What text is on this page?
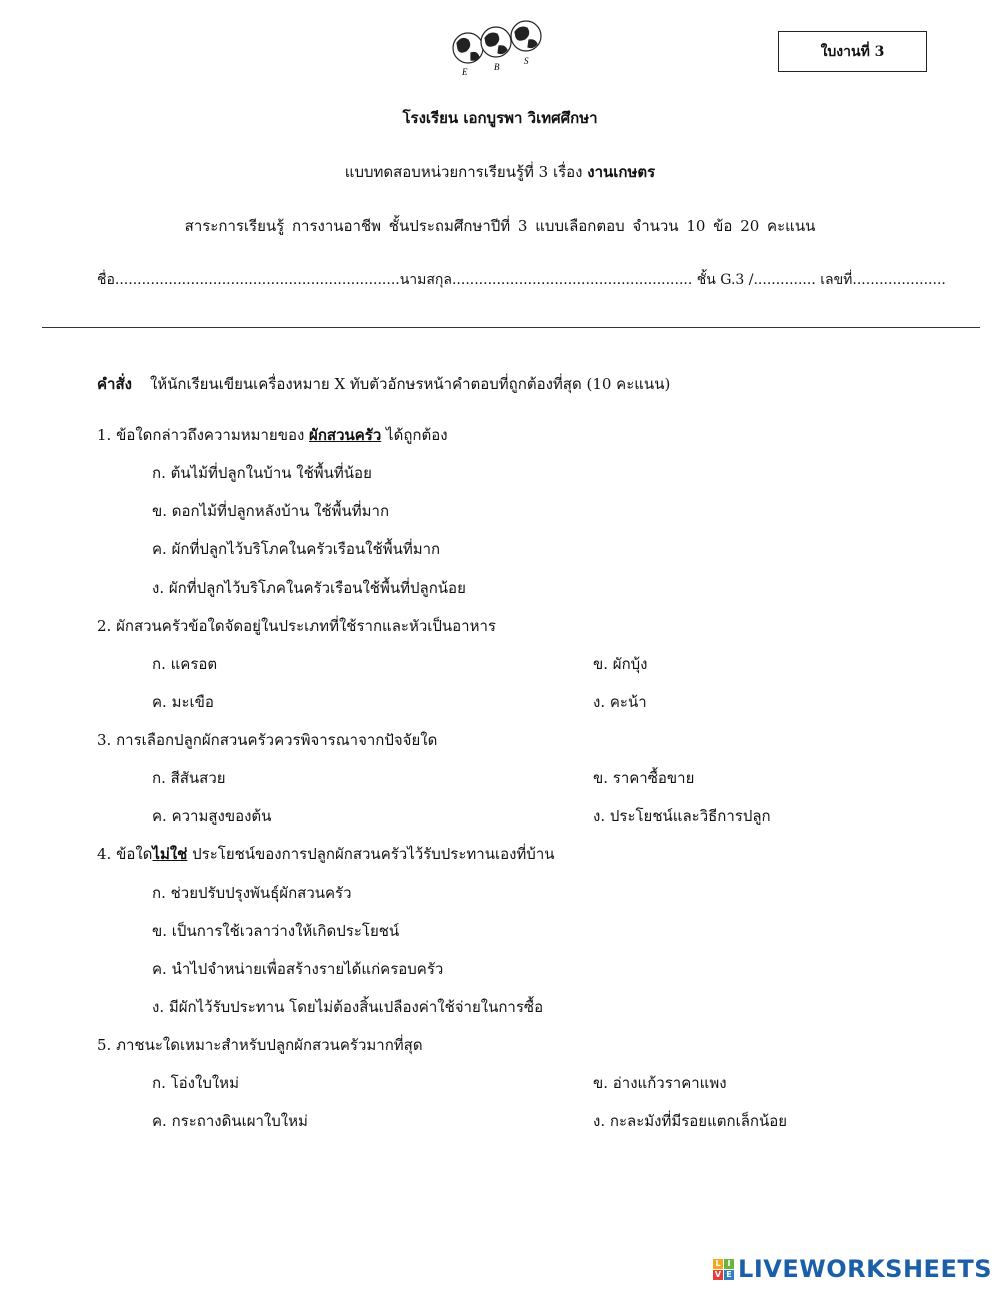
E	B
S
ใบงานที่ 3
โรงเรียน เอกบูรพา วิเทศศึกษา
แบบทดสอบหน่วยการเรียนรู้ที่ 3 เรื่อง งานเกษตร
สาระการเรียนรู้ การงานอาชีพ ชั้นประถมศึกษาปีที่ 3 แบบเลือกตอบ จำนวน 10 ข้อ 20 คะแนน
ชื่อ................................................................นามสกุล...................................................... ชั้น G.3 /.............. เลขที่.....................
คำสั่ง ให้นักเรียนเขียนเครื่องหมาย X ทับตัวอักษรหน้าคำตอบที่ถูกต้องที่สุด (10 คะแนน)
1. ข้อใดกล่าวถึงความหมายของ ผักสวนครัว ได้ถูกต้อง
ก. ต้นไม้ที่ปลูกในบ้าน ใช้พื้นที่น้อย
ข. ดอกไม้ที่ปลูกหลังบ้าน ใช้พื้นที่มาก
ค. ผักที่ปลูกไว้บริโภคในครัวเรือนใช้พื้นที่มาก
ง. ผักที่ปลูกไว้บริโภคในครัวเรือนใช้พื้นที่ปลูกน้อย
2. ผักสวนครัวข้อใดจัดอยู่ในประเภทที่ใช้รากและหัวเป็นอาหาร
ก. แครอต	ข. ผักบุ้ง
ค. มะเขือ	ง. คะน้า
3. การเลือกปลูกผักสวนครัวควรพิจารณาจากปัจจัยใด
ก. สีสันสวย	ข. ราคาซื้อขาย
ค. ความสูงของต้น	ง. ประโยชน์และวิธีการปลูก
4. ข้อใดไม่ใช่ ประโยชน์ของการปลูกผักสวนครัวไว้รับประทานเองที่บ้าน
ก. ช่วยปรับปรุงพันธุ์ผักสวนครัว
ข. เป็นการใช้เวลาว่างให้เกิดประโยชน์
ค. นำไปจำหน่ายเพื่อสร้างรายได้แก่ครอบครัว
ง. มีผักไว้รับประทาน โดยไม่ต้องสิ้นเปลืองค่าใช้จ่ายในการซื้อ
5. ภาชนะใดเหมาะสำหรับปลูกผักสวนครัวมากที่สุด
ก. โอ่งใบใหม่	ข. อ่างแก้วราคาแพง
ค. กระถางดินเผาใบใหม่	ง. กะละมังที่มีรอยแตกเล็กน้อย
L I
V E LIVEWORKSHEETS
